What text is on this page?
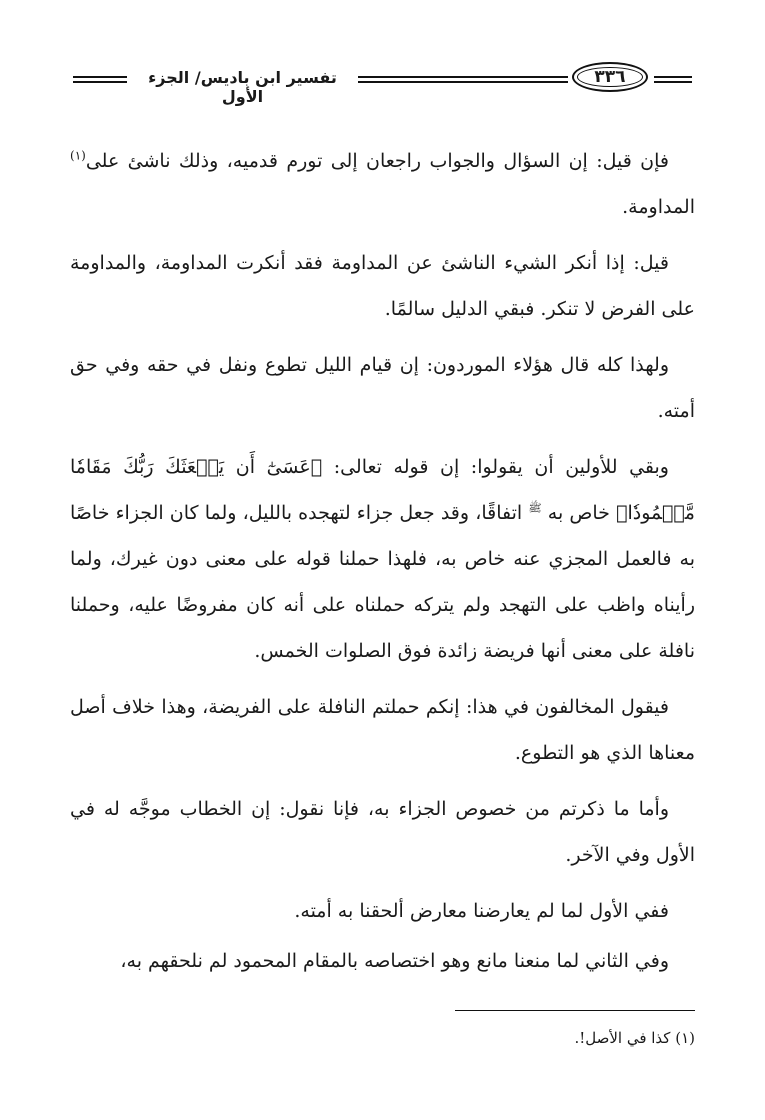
تفسير ابن باديس/ الجزء الأول
٣٣٦

فإن قيل: إن السؤال والجواب راجعان إلى تورم قدميه، وذلك ناشئ على$^{(١)}$ المداومة.

قيل: إذا أنكر الشيء الناشئ عن المداومة فقد أنكرت المداومة، والمداومة على الفرض لا تنكر. فبقي الدليل سالمًا.

ولهذا كله قال هؤلاء الموردون: إن قيام الليل تطوع ونفل في حقه وفي حق أمته.

وبقي للأولين أن يقولوا: إن قوله تعالى: ﴿عَسَىٰٓ أَن يَبۡعَثَكَ رَبُّكَ مَقَامٗا مَّحۡمُودٗا﴾ خاص به $^ﷺ$ اتفاقًا، وقد جعل جزاء لتهجده بالليل، ولما كان الجزاء خاصًا به فالعمل المجزي عنه خاص به، فلهذا حملنا قوله على معنى دون غيرك، ولما رأيناه واظب على التهجد ولم يتركه حملناه على أنه كان مفروضًا عليه، وحملنا نافلة على معنى أنها فريضة زائدة فوق الصلوات الخمس.

فيقول المخالفون في هذا: إنكم حملتم النافلة على الفريضة، وهذا خلاف أصل معناها الذي هو التطوع.

وأما ما ذكرتم من خصوص الجزاء به، فإنا نقول: إن الخطاب موجَّه له في الأول وفي الآخر.

ففي الأول لما لم يعارضنا معارض ألحقنا به أمته.

وفي الثاني لما منعنا مانع وهو اختصاصه بالمقام المحمود لم نلحقهم به،

(١) كذا في الأصل!.
